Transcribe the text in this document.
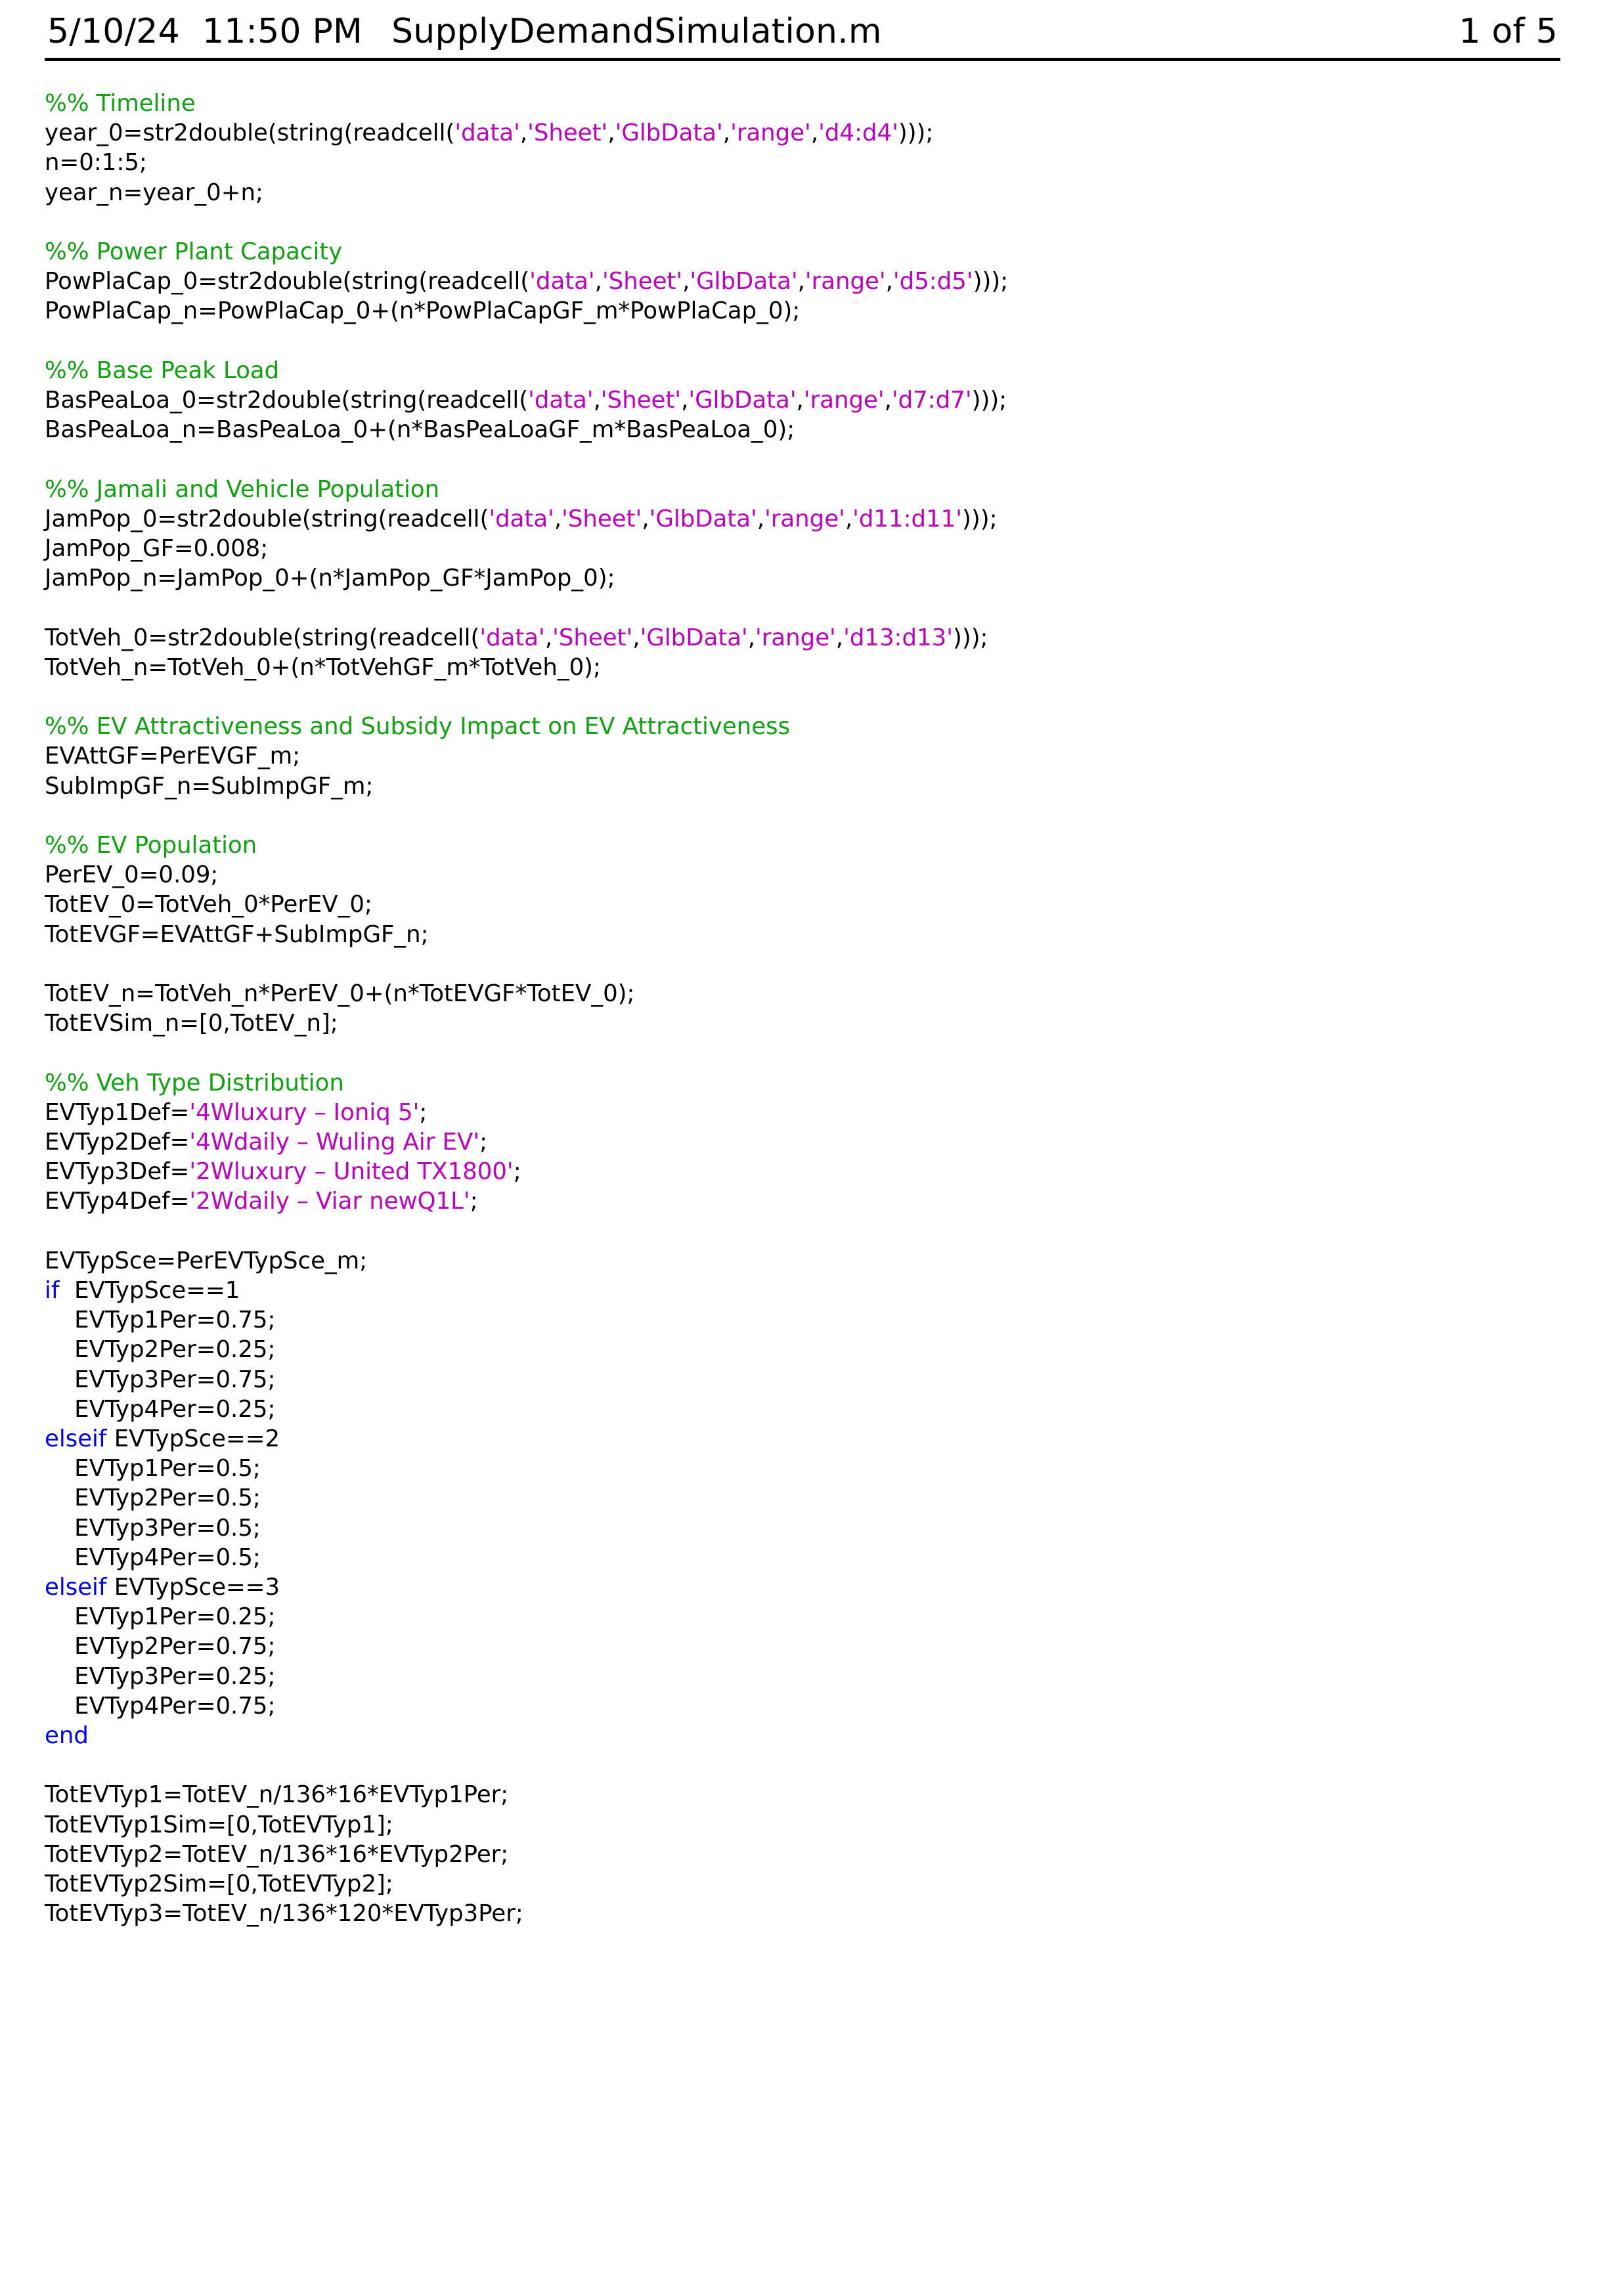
5/10/24 11:50 PM SupplyDemandSimulation.m	1 of 5
%% Timeline
year_0=str2double(string(readcell('data','Sheet','GlbData','range','d4:d4')));
n=0:1:5;
year_n=year_0+n;

%% Power Plant Capacity
PowPlaCap_0=str2double(string(readcell('data','Sheet','GlbData','range','d5:d5')));
PowPlaCap_n=PowPlaCap_0+(n*PowPlaCapGF_m*PowPlaCap_0);

%% Base Peak Load
BasPeaLoa_0=str2double(string(readcell('data','Sheet','GlbData','range','d7:d7')));
BasPeaLoa_n=BasPeaLoa_0+(n*BasPeaLoaGF_m*BasPeaLoa_0);

%% Jamali and Vehicle Population
JamPop_0=str2double(string(readcell('data','Sheet','GlbData','range','d11:d11')));
JamPop_GF=0.008;
JamPop_n=JamPop_0+(n*JamPop_GF*JamPop_0);

TotVeh_0=str2double(string(readcell('data','Sheet','GlbData','range','d13:d13')));
TotVeh_n=TotVeh_0+(n*TotVehGF_m*TotVeh_0);

%% EV Attractiveness and Subsidy Impact on EV Attractiveness
EVAttGF=PerEVGF_m;
SubImpGF_n=SubImpGF_m;

%% EV Population
PerEV_0=0.09;
TotEV_0=TotVeh_0*PerEV_0;
TotEVGF=EVAttGF+SubImpGF_n;

TotEV_n=TotVeh_n*PerEV_0+(n*TotEVGF*TotEV_0);
TotEVSim_n=[0,TotEV_n];

%% Veh Type Distribution
EVTyp1Def='4Wluxury – Ioniq 5';
EVTyp2Def='4Wdaily – Wuling Air EV';
EVTyp3Def='2Wluxury – United TX1800';
EVTyp4Def='2Wdaily – Viar newQ1L';

EVTypSce=PerEVTypSce_m;
if  EVTypSce==1
EVTyp1Per=0.75;
EVTyp2Per=0.25;
EVTyp3Per=0.75;
EVTyp4Per=0.25;
elseif EVTypSce==2
EVTyp1Per=0.5;
EVTyp2Per=0.5;
EVTyp3Per=0.5;
EVTyp4Per=0.5;
elseif EVTypSce==3
EVTyp1Per=0.25;
EVTyp2Per=0.75;
EVTyp3Per=0.25;
EVTyp4Per=0.75;
end

TotEVTyp1=TotEV_n/136*16*EVTyp1Per;
TotEVTyp1Sim=[0,TotEVTyp1];
TotEVTyp2=TotEV_n/136*16*EVTyp2Per;
TotEVTyp2Sim=[0,TotEVTyp2];
TotEVTyp3=TotEV_n/136*120*EVTyp3Per;
